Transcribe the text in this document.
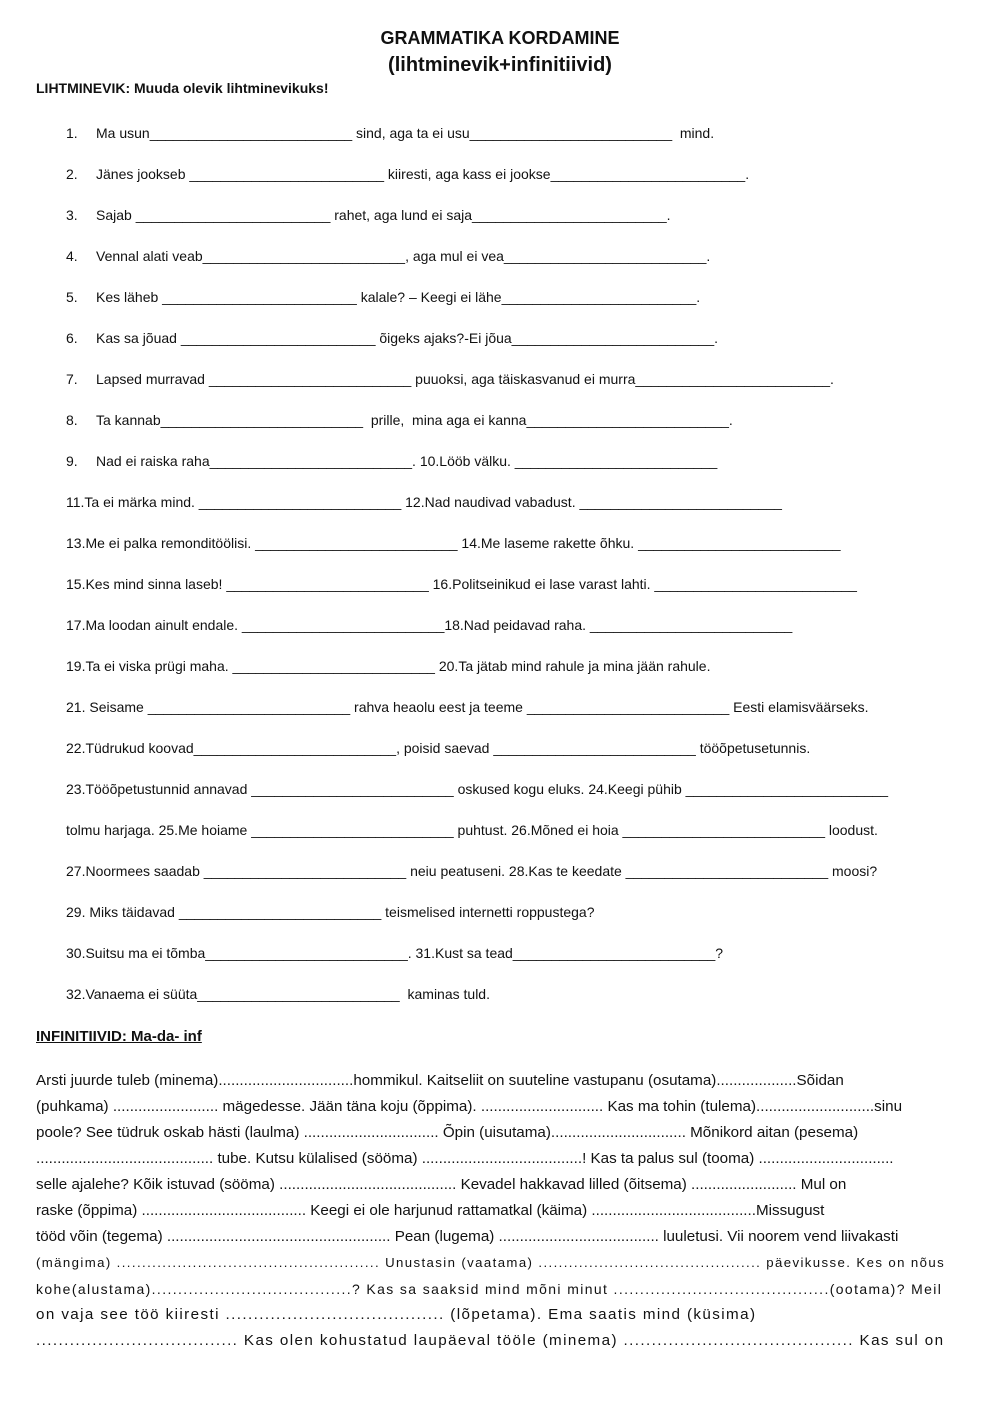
GRAMMATIKA KORDAMINE
(lihtminevik+infinitiivid)
LIHTMINEVIK: Muuda olevik lihtminevikuks!
1. Ma usun__________________________ sind, aga ta ei usu__________________________  mind.
2. Jänes jookseb _________________________ kiiresti, aga kass ei jookse_________________________.
3. Sajab _________________________ rahet, aga lund ei saja_________________________.
4. Vennal alati veab__________________________, aga mul ei vea__________________________.
5. Kes läheb _________________________ kalale? – Keegi ei lähe_________________________.
6. Kas sa jõuad _________________________ õigeks ajaks?-Ei jõua__________________________.
7. Lapsed murravad __________________________ puuoksi, aga täiskasvanud ei murra_________________________.
8. Ta kannab__________________________  prille,  mina aga ei kanna__________________________.
9. Nad ei raiska raha__________________________. 10.Lööb välku. __________________________
11.Ta ei märka mind. __________________________ 12.Nad naudivad vabadust. __________________________
13.Me ei palka remonditöölisi. __________________________ 14.Me laseme rakette õhku. __________________________
15.Kes mind sinna laseb! __________________________ 16.Politseinikud ei lase varast lahti. __________________________
17.Ma loodan ainult endale. __________________________18.Nad peidavad raha. __________________________
19.Ta ei viska prügi maha. __________________________ 20.Ta jätab mind rahule ja mina jään rahule.
21. Seisame __________________________ rahva heaolu eest ja teeme __________________________ Eesti elamisväärseks.
22.Tüdrukud koovad__________________________, poisid saevad __________________________ tööõpetusetunnis.
23.Tööõpetustunnid annavad __________________________ oskused kogu eluks. 24.Keegi pühib __________________________
tolmu harjaga. 25.Me hoiame __________________________ puhtust. 26.Mõned ei hoia __________________________ loodust.
27.Noormees saadab __________________________ neiu peatuseni. 28.Kas te keedate __________________________ moosi?
29. Miks täidavad __________________________ teismelised internetti roppustega?
30.Suitsu ma ei tõmba__________________________. 31.Kust sa tead__________________________?
32.Vanaema ei süüta__________________________  kaminas tuld.
INFINITIIVID: Ma-da- inf
Arsti juurde tuleb (minema)................................hommikul. Kaitseliit on suuteline vastupanu (osutama)...................Sõidan
(puhkama) ......................... mägedesse. Jään täna koju (õppima). ............................. Kas ma tohin (tulema)............................sinu
poole? See tüdruk oskab hästi (laulma) ................................ Õpin (uisutama)................................ Mõnikord aitan (pesema)
.......................................... tube. Kutsu külalised (sööma) ......................................! Kas ta palus sul (tooma) ................................
selle ajalehe? Kõik istuvad (sööma) .......................................... Kevadel hakkavad lilled (õitsema) ......................... Mul on
raske (õppima) ....................................... Keegi ei ole harjunud rattamatkal (käima) .......................................Missugust
tööd võin (tegema) ..................................................... Pean (lugema) ...................................... luuletusi. Vii noorem vend liivakasti
(mängima) .................................................... Unustasin (vaatama) ............................................ päevikusse. Kes on nõus
kohe(alustama)......................................? Kas sa saaksid mind mõni minut .........................................(ootama)? Meil
on vaja see töö kiiresti ....................................... (lõpetama). Ema saatis mind (küsima)
.................................... Kas olen kohustatud laupäeval tööle (minema) ......................................... Kas sul on
